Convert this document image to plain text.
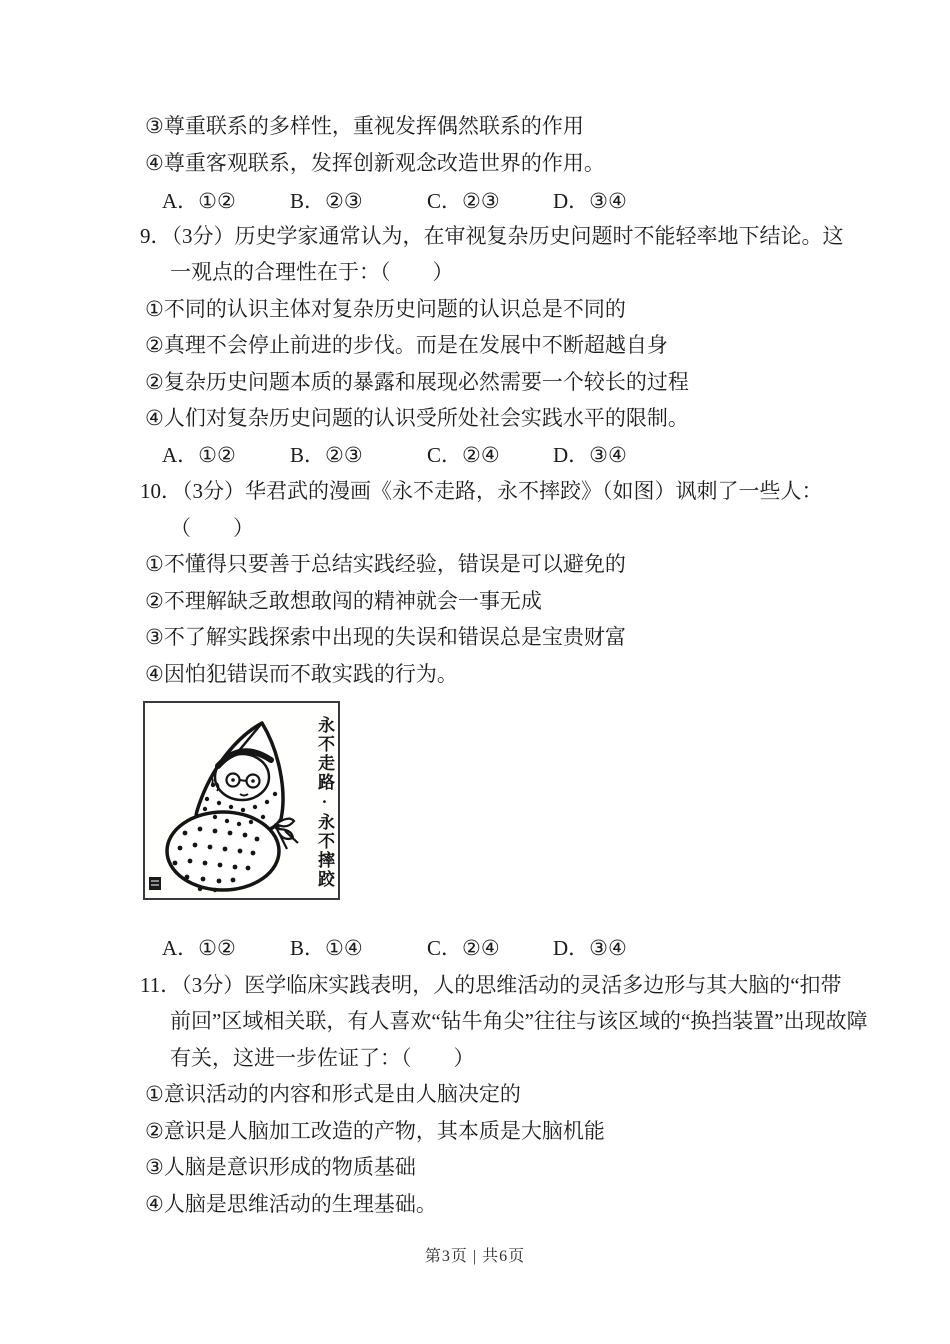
③尊重联系的多样性，重视发挥偶然联系的作用
④尊重客观联系，发挥创新观念改造世界的作用。

A．①②

	B．②③

	C．②③

	D．③④

9．（3分）历史学家通常认为，在审视复杂历史问题时不能轻率地下结论。这
一观点的合理性在于：（　　）
①不同的认识主体对复杂历史问题的认识总是不同的
②真理不会停止前进的步伐。而是在发展中不断超越自身
②复杂历史问题本质的暴露和展现必然需要一个较长的过程
④人们对复杂历史问题的认识受所处社会实践水平的限制。

A．①②

	B．②③

	C．②④

	D．③④

10．（3分）华君武的漫画《永不走路，永不摔跤》（如图）讽刺了一些人：
（　　）
①不懂得只要善于总结实践经验，错误是可以避免的
②不理解缺乏敢想敢闯的精神就会一事无成
③不了解实践探索中出现的失误和错误总是宝贵财富
④因怕犯错误而不敢实践的行为。
永不走路·永不摔跤

A．①②

	B．①④

	C．②④

	D．③④

11．（3分）医学临床实践表明，人的思维活动的灵活多边形与其大脑的“扣带
前回”区域相关联，有人喜欢“钻牛角尖”往往与该区域的“换挡装置”出现故障
有关，这进一步佐证了：（　　）
①意识活动的内容和形式是由人脑决定的
②意识是人脑加工改造的产物，其本质是大脑机能
③人脑是意识形成的物质基础
④人脑是思维活动的生理基础。
第3页 | 共6页
